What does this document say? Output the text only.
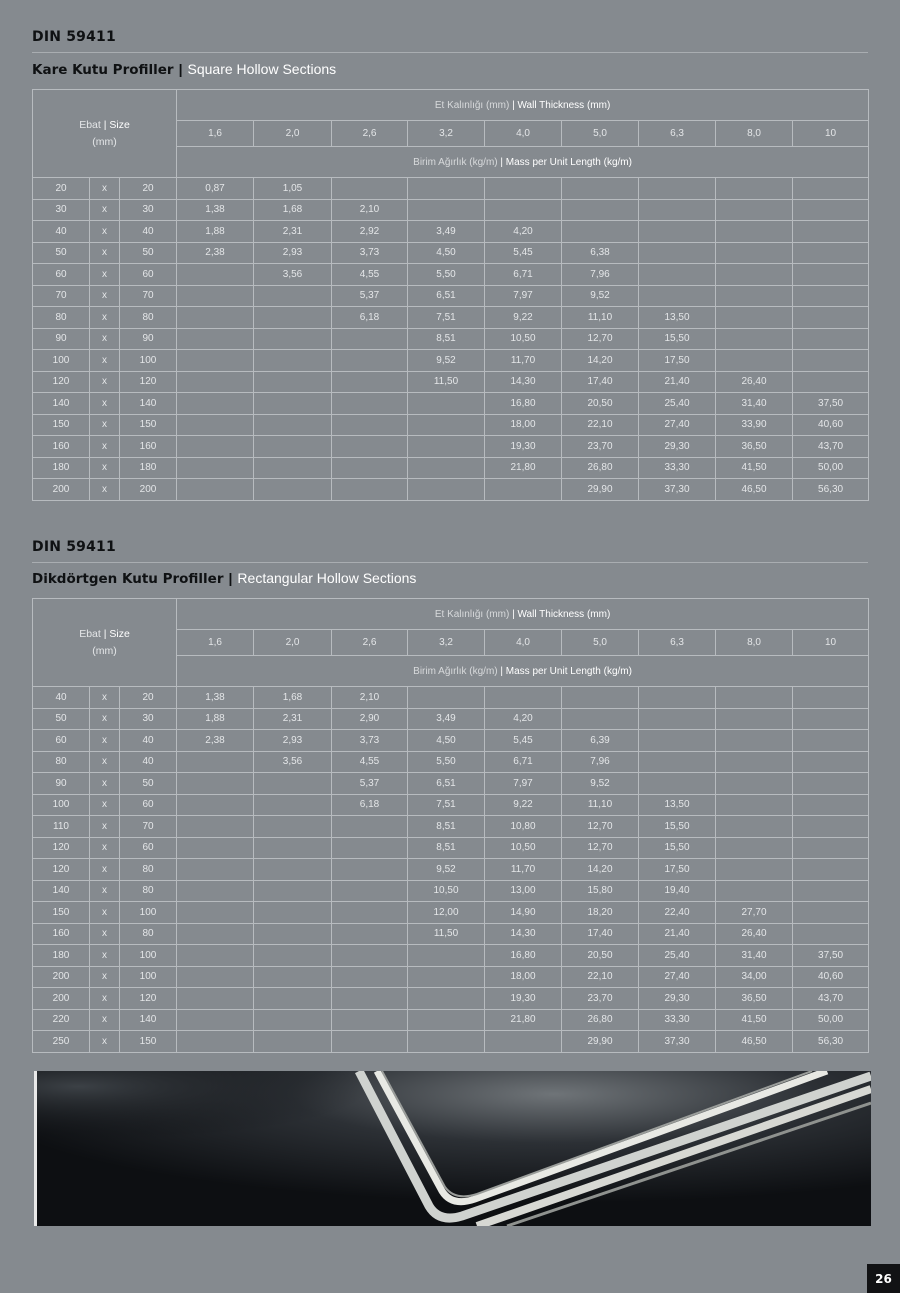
DIN 59411
Kare Kutu Profiller | Square Hollow Sections
Ebat | Size
(mm)			Et Kalınlığı (mm) | Wall Thickness (mm)								
			1,6	2,0	2,6	3,2	4,0	5,0	6,3	8,0	10
			Birim Ağırlık (kg/m) | Mass per Unit Length (kg/m)								
20	x	20	0,87	1,05							
30	x	30	1,38	1,68	2,10						
40	x	40	1,88	2,31	2,92	3,49	4,20				
50	x	50	2,38	2,93	3,73	4,50	5,45	6,38			
60	x	60		3,56	4,55	5,50	6,71	7,96			
70	x	70			5,37	6,51	7,97	9,52			
80	x	80			6,18	7,51	9,22	11,10	13,50		
90	x	90				8,51	10,50	12,70	15,50		
100	x	100				9,52	11,70	14,20	17,50		
120	x	120				11,50	14,30	17,40	21,40	26,40	
140	x	140					16,80	20,50	25,40	31,40	37,50
150	x	150					18,00	22,10	27,40	33,90	40,60
160	x	160					19,30	23,70	29,30	36,50	43,70
180	x	180					21,80	26,80	33,30	41,50	50,00
200	x	200						29,90	37,30	46,50	56,30
DIN 59411
Dikdörtgen Kutu Profiller | Rectangular Hollow Sections
Ebat | Size
(mm)			Et Kalınlığı (mm) | Wall Thickness (mm)								
			1,6	2,0	2,6	3,2	4,0	5,0	6,3	8,0	10
			Birim Ağırlık (kg/m) | Mass per Unit Length (kg/m)								
40	x	20	1,38	1,68	2,10						
50	x	30	1,88	2,31	2,90	3,49	4,20				
60	x	40	2,38	2,93	3,73	4,50	5,45	6,39			
80	x	40		3,56	4,55	5,50	6,71	7,96			
90	x	50			5,37	6,51	7,97	9,52			
100	x	60			6,18	7,51	9,22	11,10	13,50		
110	x	70				8,51	10,80	12,70	15,50		
120	x	60				8,51	10,50	12,70	15,50		
120	x	80				9,52	11,70	14,20	17,50		
140	x	80				10,50	13,00	15,80	19,40		
150	x	100				12,00	14,90	18,20	22,40	27,70	
160	x	80				11,50	14,30	17,40	21,40	26,40	
180	x	100					16,80	20,50	25,40	31,40	37,50
200	x	100					18,00	22,10	27,40	34,00	40,60
200	x	120					19,30	23,70	29,30	36,50	43,70
220	x	140					21,80	26,80	33,30	41,50	50,00
250	x	150						29,90	37,30	46,50	56,30
26
